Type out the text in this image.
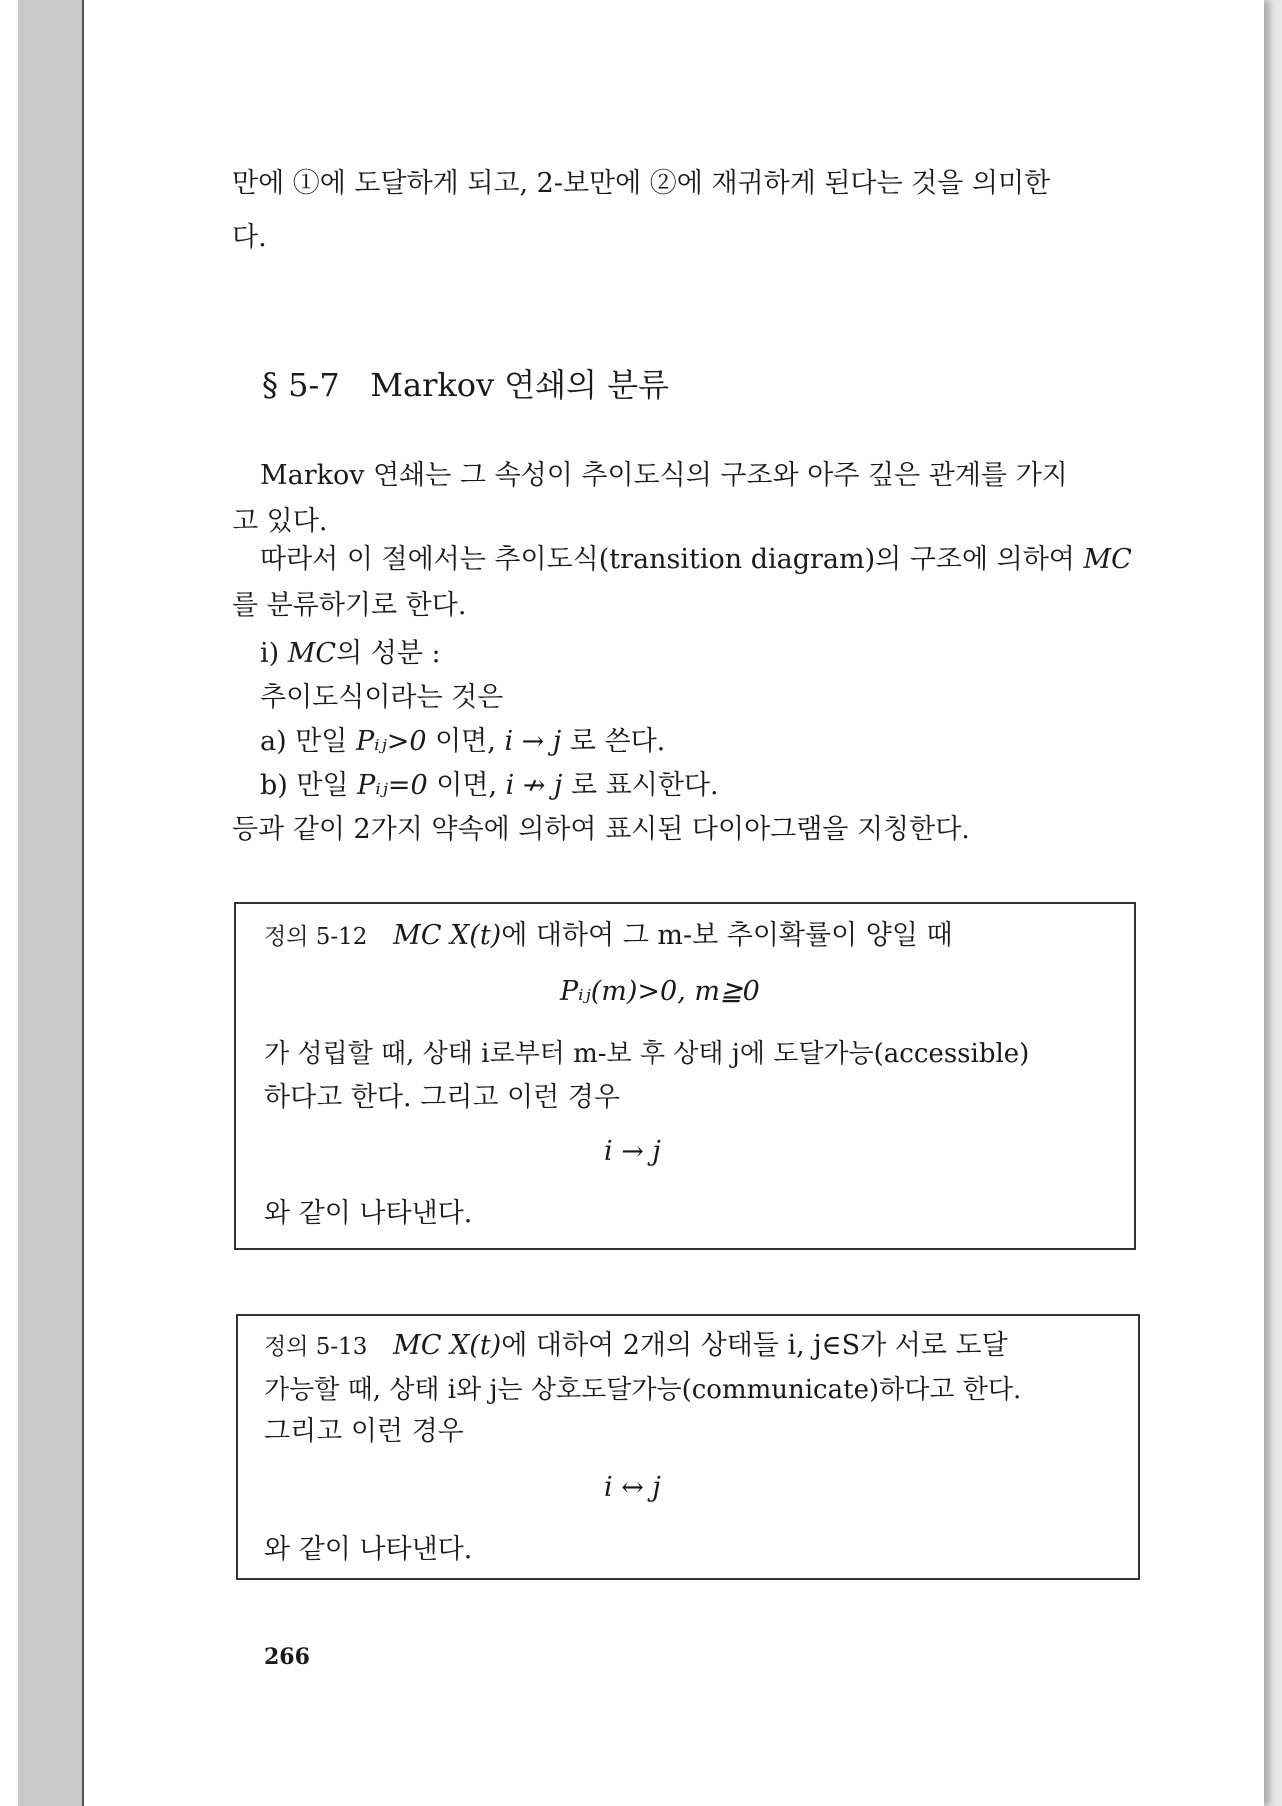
만에 ①에 도달하게 되고, 2-보만에 ②에 재귀하게 된다는 것을 의미한
다.
§ 5-7 Markov 연쇄의 분류
Markov 연쇄는 그 속성이 추이도식의 구조와 아주 깊은 관계를 가지
고 있다.
따라서 이 절에서는 추이도식(transition diagram)의 구조에 의하여 MC
를 분류하기로 한다.
i) MC의 성분 :
추이도식이라는 것은
a) 만일 Pᵢⱼ>0 이면, i → j 로 쓴다.
b) 만일 Pᵢⱼ=0 이면, i ↛ j 로 표시한다.
등과 같이 2가지 약속에 의하여 표시된 다이아그램을 지칭한다.
정의 5-12 MC X(t)에 대하여 그 m-보 추이확률이 양일 때
Pᵢⱼ(m)>0, m≧0
가 성립할 때, 상태 i로부터 m-보 후 상태 j에 도달가능(accessible)
하다고 한다. 그리고 이런 경우
i → j
와 같이 나타낸다.
정의 5-13 MC X(t)에 대하여 2개의 상태들 i, j∈S가 서로 도달
가능할 때, 상태 i와 j는 상호도달가능(communicate)하다고 한다.
그리고 이런 경우
i ↔ j
와 같이 나타낸다.
266
